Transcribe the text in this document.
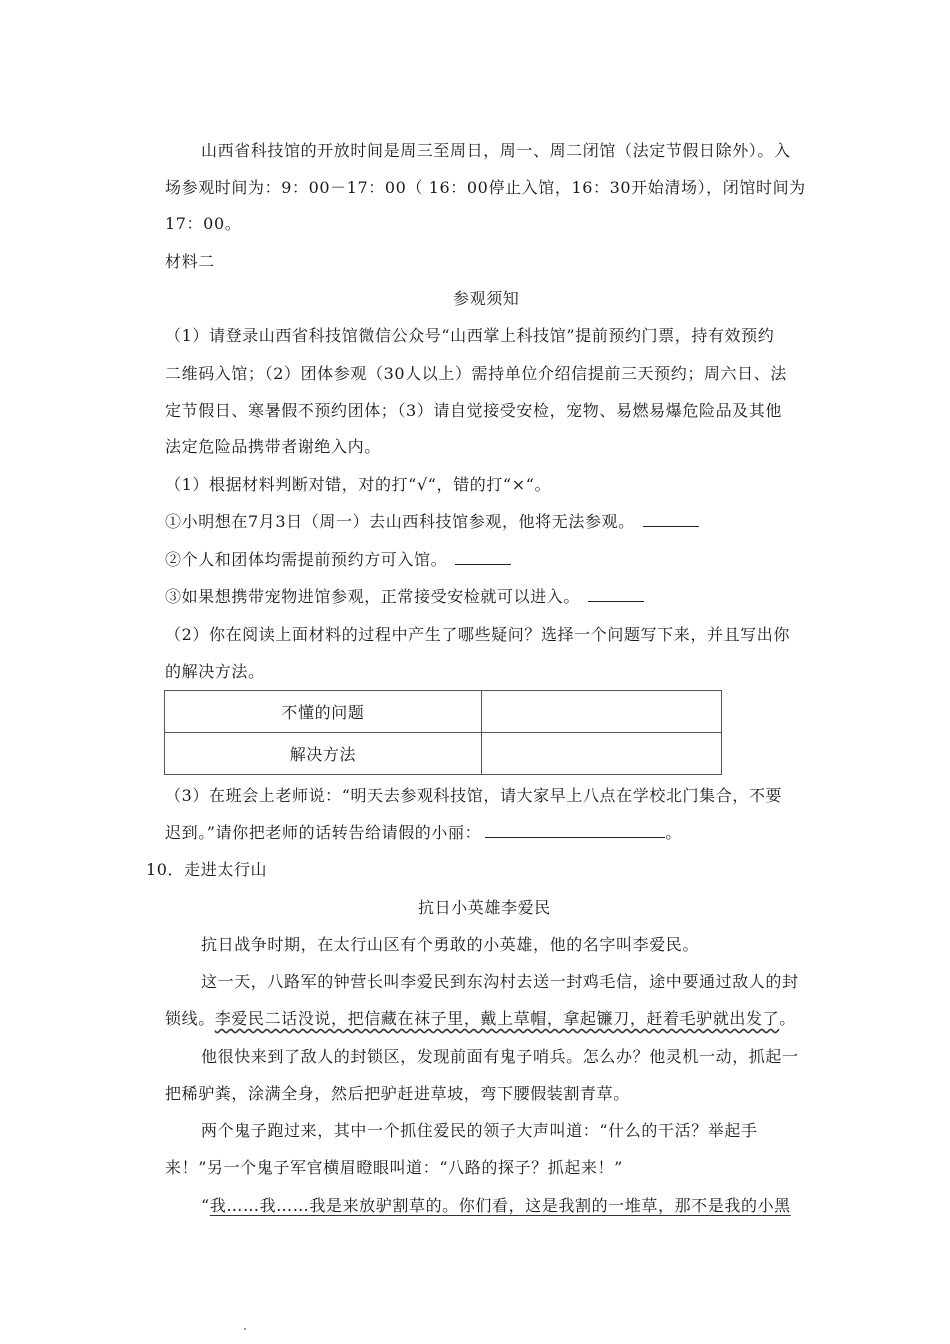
山西省科技馆的开放时间是周三至周日，周一、周二闭馆（法定节假日除外）。入
场参观时间为：9：00－17：00（ 16：00停止入馆，16：30开始清场），闭馆时间为
17：00。
材料二
参观须知
（1）请登录山西省科技馆微信公众号“山西掌上科技馆”提前预约门票，持有效预约
二维码入馆；（2）团体参观（30人以上）需持单位介绍信提前三天预约；周六日、法
定节假日、寒暑假不预约团体；（3）请自觉接受安检，宠物、易燃易爆危险品及其他
法定危险品携带者谢绝入内。
（1）根据材料判断对错，对的打“√“，错的打“×“。
①小明想在7月3日（周一）去山西科技馆参观，他将无法参观。
②个人和团体均需提前预约方可入馆。
③如果想携带宠物进馆参观，正常接受安检就可以进入。
（2）你在阅读上面材料的过程中产生了哪些疑问？选择一个问题写下来，并且写出你
的解决方法。
不懂的问题	
解决方法	
（3）在班会上老师说：“明天去参观科技馆，请大家早上八点在学校北门集合，不要
迟到。”请你把老师的话转告给请假的小丽：	。
10．走进太行山
抗日小英雄李爱民
抗日战争时期，在太行山区有个勇敢的小英雄，他的名字叫李爱民。
这一天，八路军的钟营长叫李爱民到东沟村去送一封鸡毛信，途中要通过敌人的封
锁线。李爱民二话没说，把信藏在袜子里，戴上草帽，拿起镰刀，赶着毛驴就出发了。
他很快来到了敌人的封锁区，发现前面有鬼子哨兵。怎么办？他灵机一动，抓起一
把稀驴粪，涂满全身，然后把驴赶进草坡，弯下腰假装割青草。
两个鬼子跑过来，其中一个抓住爱民的领子大声叫道：“什么的干活？举起手
来！”另一个鬼子军官横眉瞪眼叫道：“八路的探子？抓起来！”
“我……我……我是来放驴割草的。你们看，这是我割的一堆草，那不是我的小黑
